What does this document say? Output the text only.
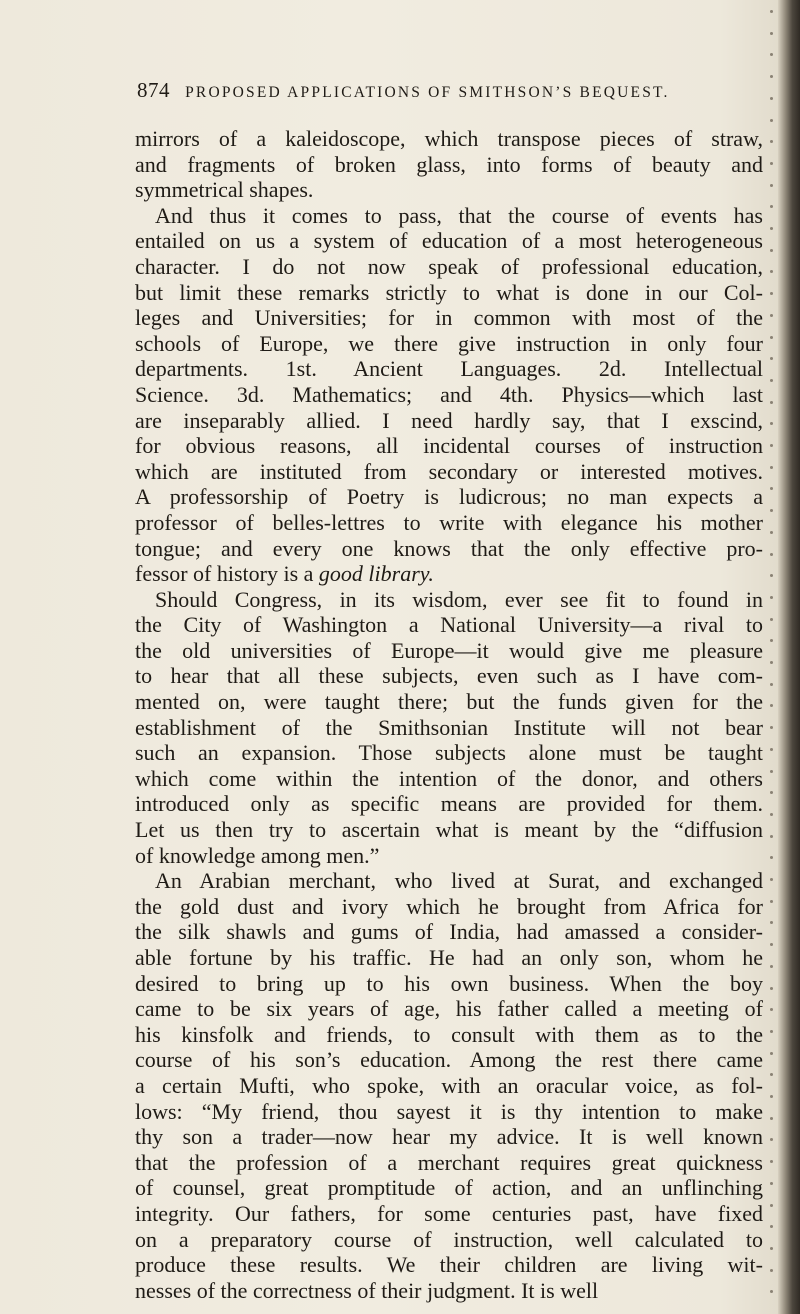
874 PROPOSED APPLICATIONS OF SMITHSON’S BEQUEST.
mirrors of a kaleidoscope, which transpose pieces of straw,
and fragments of broken glass, into forms of beauty and
symmetrical shapes.
And thus it comes to pass, that the course of events has
entailed on us a system of education of a most heterogeneous
character. I do not now speak of professional education,
but limit these remarks strictly to what is done in our Col-
leges and Universities; for in common with most of the
schools of Europe, we there give instruction in only four
departments. 1st. Ancient Languages. 2d. Intellectual
Science. 3d. Mathematics; and 4th. Physics—which last
are inseparably allied. I need hardly say, that I exscind,
for obvious reasons, all incidental courses of instruction
which are instituted from secondary or interested motives.
A professorship of Poetry is ludicrous; no man expects a
professor of belles-lettres to write with elegance his mother
tongue; and every one knows that the only effective pro-
fessor of history is a good library.
Should Congress, in its wisdom, ever see fit to found in
the City of Washington a National University—a rival to
the old universities of Europe—it would give me pleasure
to hear that all these subjects, even such as I have com-
mented on, were taught there; but the funds given for the
establishment of the Smithsonian Institute will not bear
such an expansion. Those subjects alone must be taught
which come within the intention of the donor, and others
introduced only as specific means are provided for them.
Let us then try to ascertain what is meant by the “diffusion
of knowledge among men.”
An Arabian merchant, who lived at Surat, and exchanged
the gold dust and ivory which he brought from Africa for
the silk shawls and gums of India, had amassed a consider-
able fortune by his traffic. He had an only son, whom he
desired to bring up to his own business. When the boy
came to be six years of age, his father called a meeting of
his kinsfolk and friends, to consult with them as to the
course of his son’s education. Among the rest there came
a certain Mufti, who spoke, with an oracular voice, as fol-
lows: “My friend, thou sayest it is thy intention to make
thy son a trader—now hear my advice. It is well known
that the profession of a merchant requires great quickness
of counsel, great promptitude of action, and an unflinching
integrity. Our fathers, for some centuries past, have fixed
on a preparatory course of instruction, well calculated to
produce these results. We their children are living wit-
nesses of the correctness of their judgment. It is well
